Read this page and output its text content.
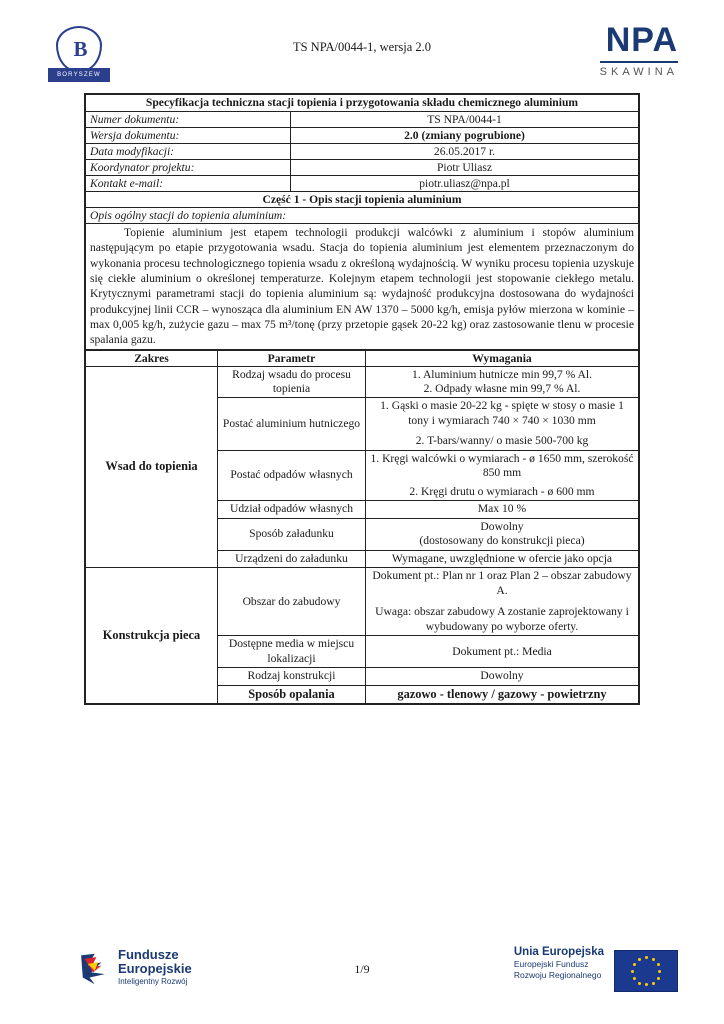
B
BORYSZEW
TS NPA/0044-1, wersja 2.0	NPA
SKAWINA
Specyfikacja techniczna stacji topienia i przygotowania składu chemicznego aluminium	
Numer dokumentu:	TS NPA/0044-1
Wersja dokumentu:	2.0 (zmiany pogrubione)
Data modyfikacji:	26.05.2017 r.
Koordynator projektu:	Piotr Uliasz
Kontakt e-mail:	piotr.uliasz@npa.pl
Część 1 - Opis stacji topienia aluminium	
Opis ogólny stacji do topienia aluminium:	
Topienie aluminium jest etapem technologii produkcji walcówki z aluminium i stopów aluminium następującym po etapie przygotowania wsadu. Stacja do topienia aluminium jest elementem przeznaczonym do wykonania procesu technologicznego topienia wsadu z określoną wydajnością. W wyniku procesu topienia uzyskuje się ciekłe aluminium o określonej temperaturze. Kolejnym etapem technologii jest stopowanie ciekłego metalu. Krytycznymi parametrami stacji do topienia aluminium są: wydajność produkcyjna dostosowana do wydajności produkcyjnej linii CCR – wynosząca dla aluminium EN AW 1370 – 5000 kg/h, emisja pyłów mierzona w kominie – max 0,005 kg/h, zużycie gazu – max 75 m³/tonę (przy przetopie gąsek 20-22 kg) oraz zastosowanie tlenu w procesie spalania gazu.	
Zakres	Parametr	Wymagania
Wsad do topienia	Rodzaj wsadu do procesu topienia	1. Aluminium hutnicze min 99,7 % Al.
2. Odpady własne min 99,7 % Al.

	Postać aluminium hutniczego	1. Gąski o masie 20-22 kg - spięte w stosy o masie 1 tony i wymiarach 740 × 740 × 1030 mm
2. T-bars/wanny/ o masie 500-700 kg

	Postać odpadów własnych	1. Kręgi walcówki o wymiarach - ø 1650 mm, szerokość 850 mm
2. Kręgi drutu o wymiarach - ø 600 mm

	Udział odpadów własnych	Max 10 %

	Sposób załadunku	Dowolny
(dostosowany do konstrukcji pieca)

	Urządzeni do załadunku	Wymagane, uwzględnione w ofercie jako opcja

Konstrukcja pieca	Obszar do zabudowy	Dokument pt.: Plan nr 1 oraz Plan 2 – obszar zabudowy A.
Uwaga: obszar zabudowy A zostanie zaprojektowany i wybudowany po wyborze oferty.

	Dostępne media w miejscu lokalizacji	Dokument pt.: Media

	Rodzaj konstrukcji	Dowolny

	Sposób opalania	gazowo - tlenowy / gazowy - powietrzny
Fundusze
Europejskie
Inteligentny Rozwój
1/9
Unia Europejska
Europejski Fundusz
Rozwoju Regionalnego
